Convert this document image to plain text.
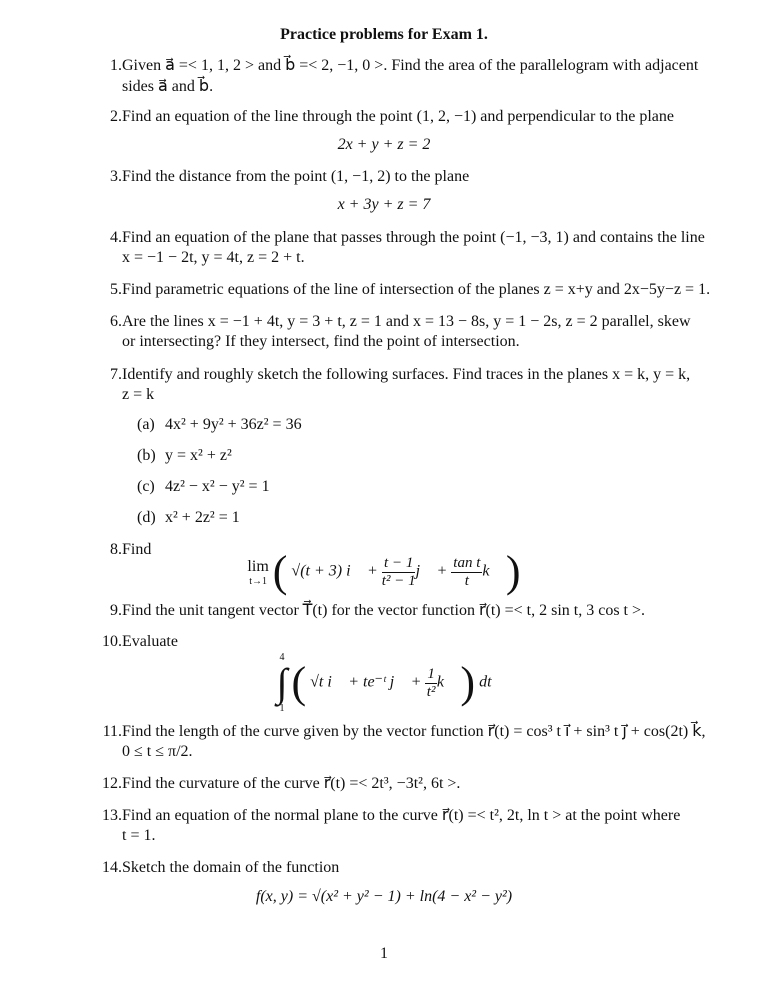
Practice problems for Exam 1.
1. Given a⃗ =< 1, 1, 2 > and b⃗ =< 2, −1, 0 >. Find the area of the parallelogram with adjacent
sides a⃗ and b⃗.
2. Find an equation of the line through the point (1, 2, −1) and perpendicular to the plane
2x + y + z = 2
3. Find the distance from the point (1, −1, 2) to the plane
x + 3y + z = 7
4. Find an equation of the plane that passes through the point (−1, −3, 1) and contains the line
x = −1 − 2t, y = 4t, z = 2 + t.
5. Find parametric equations of the line of intersection of the planes z = x+y and 2x−5y−z = 1.
6. Are the lines x = −1 + 4t, y = 3 + t, z = 1 and x = 13 − 8s, y = 1 − 2s, z = 2 parallel, skew
or intersecting? If they intersect, find the point of intersection.
7. Identify and roughly sketch the following surfaces. Find traces in the planes x = k, y = k,
z = k
(a) 4x² + 9y² + 36z² = 36
(b) y = x² + z²
(c) 4z² − x² − y² = 1
(d) x² + 2z² = 1
8. Find
lim
t→1 ( √(t + 3) i⃗ + $\frac{t - 1}{\text{t² − 1}}$ j⃗ + $\frac{\text{tan t}}{t}$ k⃗ )
9. Find the unit tangent vector T⃗(t) for the vector function r⃗(t) =< t, 2 sin t, 3 cos t >.
10. Evaluate
4
∫
1
( √t i⃗ + te⁻ᵗ j⃗ + $\frac{1}{\text{t²}}$ k⃗ ) dt
11. Find the length of the curve given by the vector function r⃗(t) = cos³ t i⃗ + sin³ t j⃗ + cos(2t) k⃗,
0 ≤ t ≤ π/2.
12. Find the curvature of the curve r⃗(t) =< 2t³, −3t², 6t >.
13. Find an equation of the normal plane to the curve r⃗(t) =< t², 2t, ln t > at the point where
t = 1.
14. Sketch the domain of the function
f(x, y) = √(x² + y² − 1) + ln(4 − x² − y²)
1
